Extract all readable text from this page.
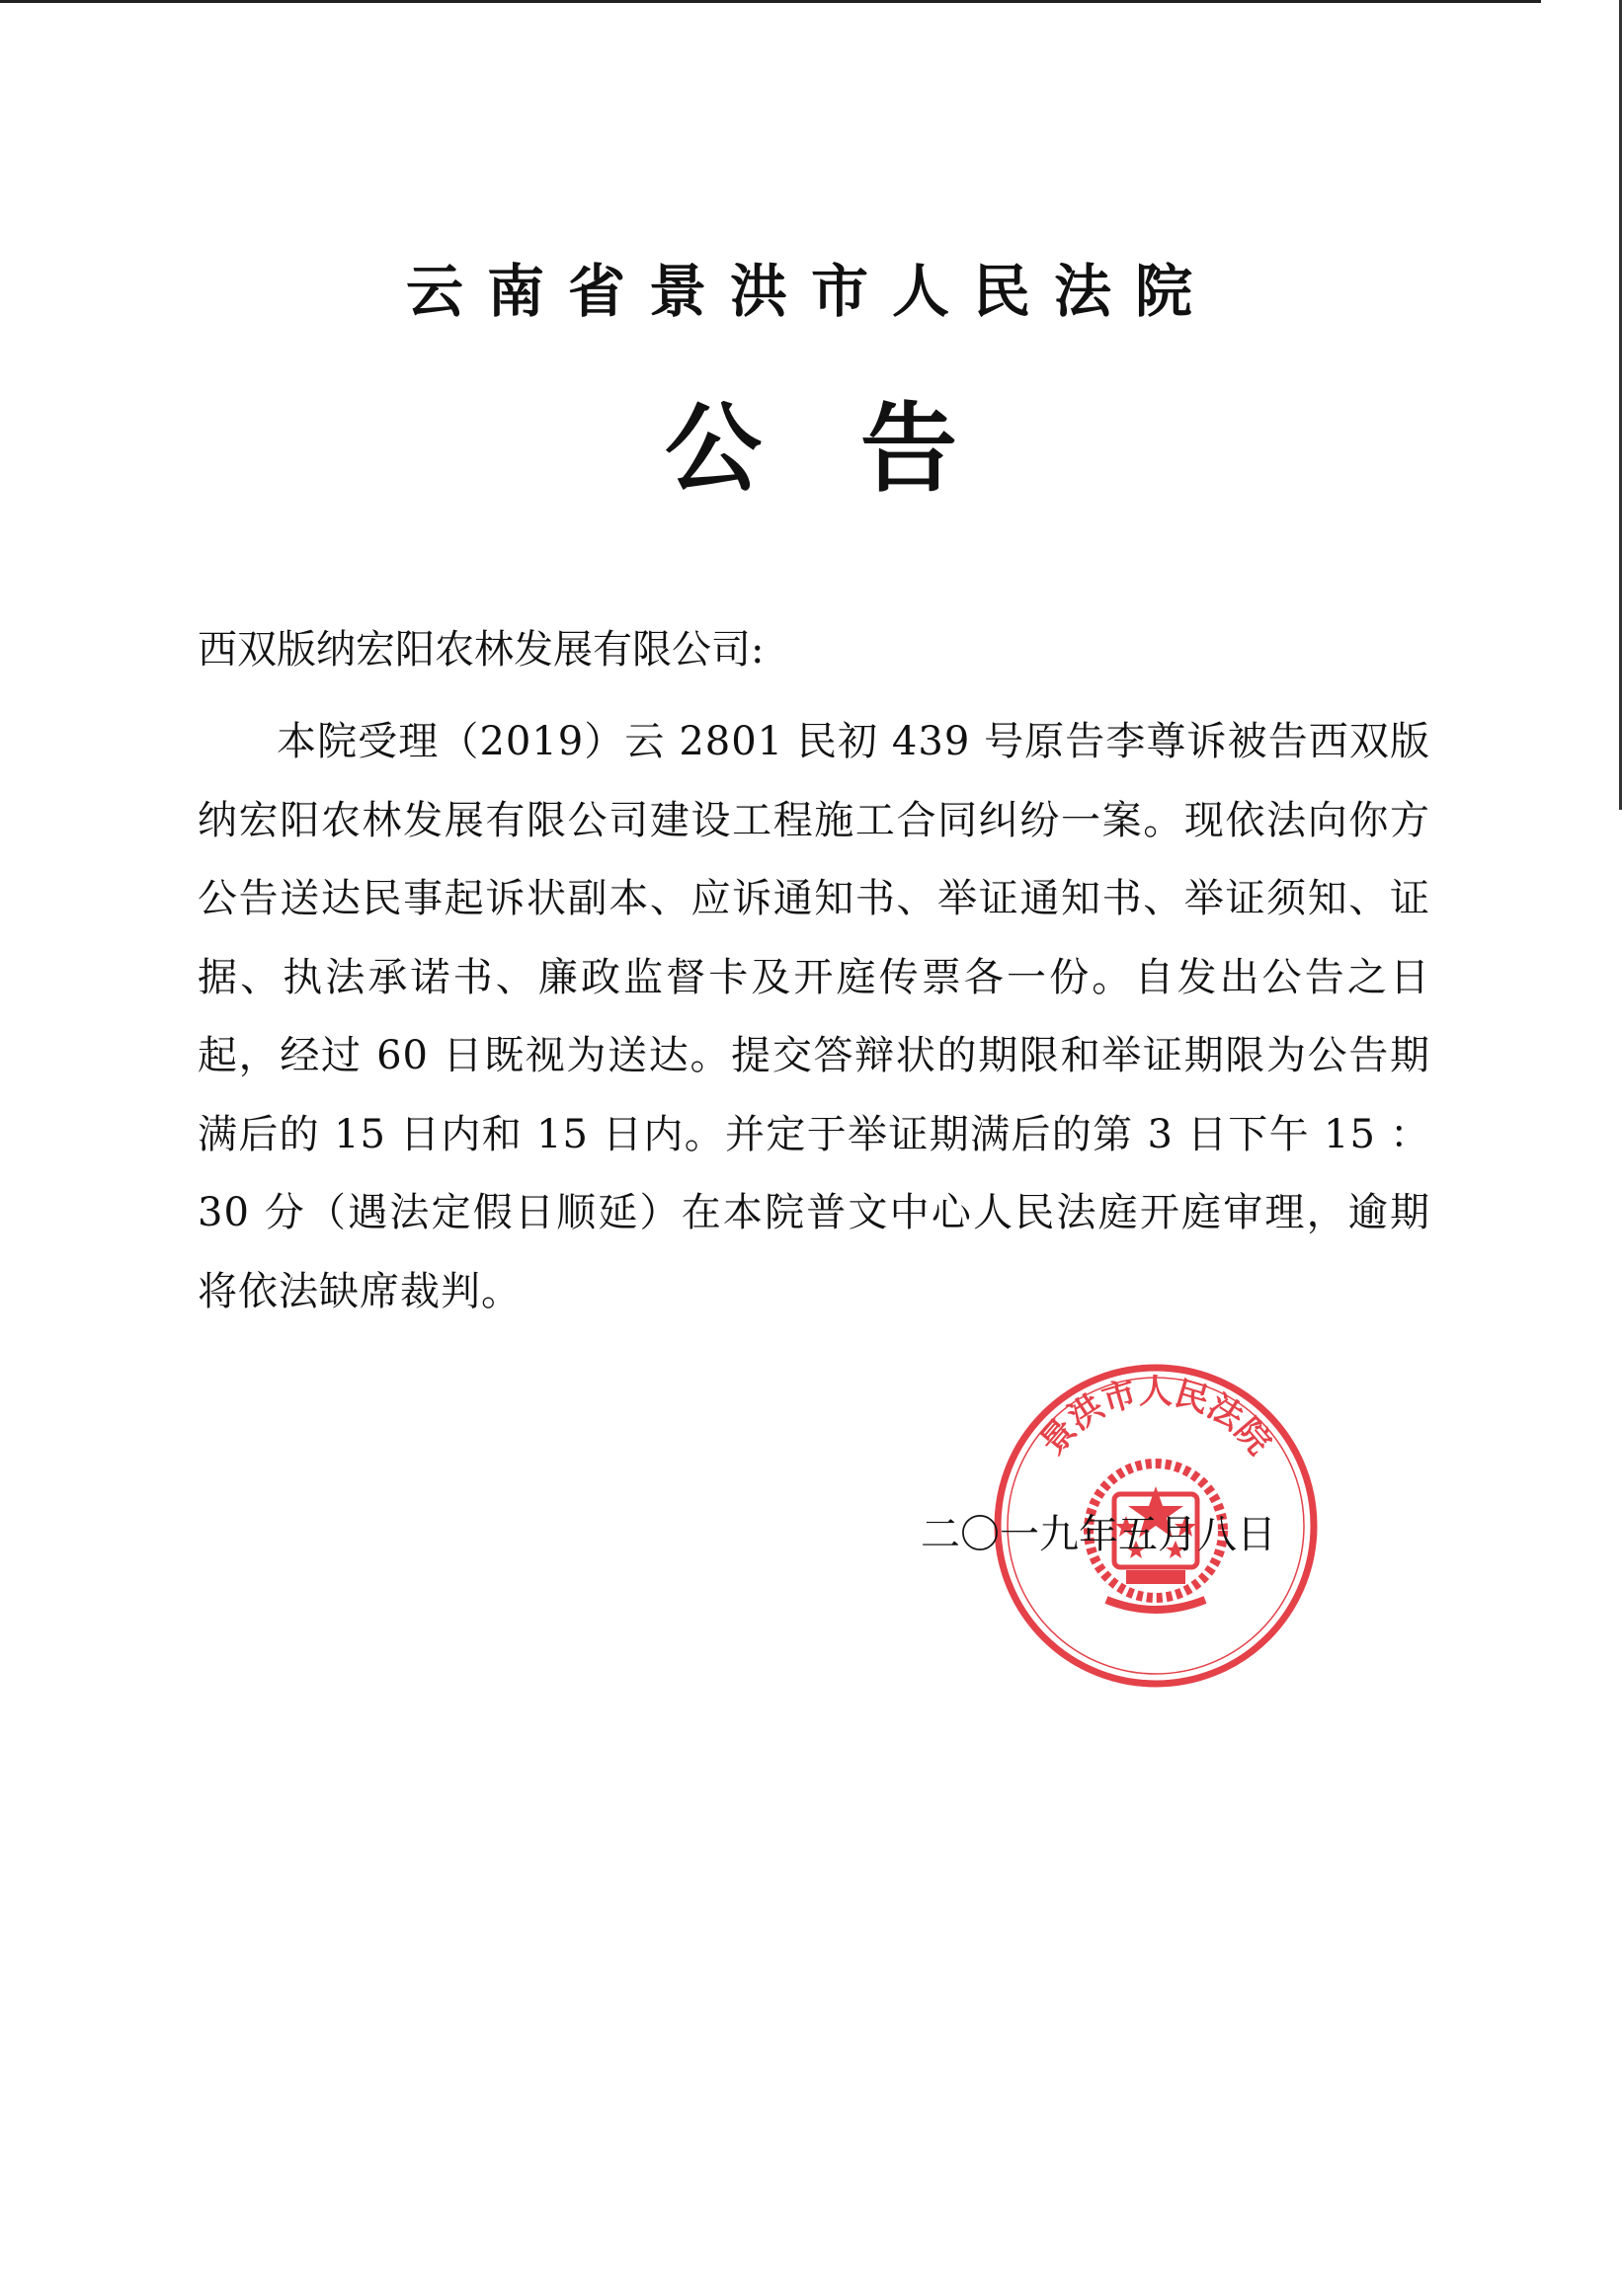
云南省景洪市人民法院
公告
西双版纳宏阳农林发展有限公司:
本院受理（2019）云 2801 民初 439 号原告李尊诉被告西双版纳宏阳农林发展有限公司建设工程施工合同纠纷一案。现依法向你方公告送达民事起诉状副本、应诉通知书、举证通知书、举证须知、证据、执法承诺书、廉政监督卡及开庭传票各一份。自发出公告之日起，经过 60 日既视为送达。提交答辩状的期限和举证期限为公告期满后的 15 日内和 15 日内。并定于举证期满后的第 3 日下午 15 ：30 分（遇法定假日顺延）在本院普文中心人民法庭开庭审理，逾期将依法缺席裁判。
景洪市人民法院
二〇一九年五月八日
